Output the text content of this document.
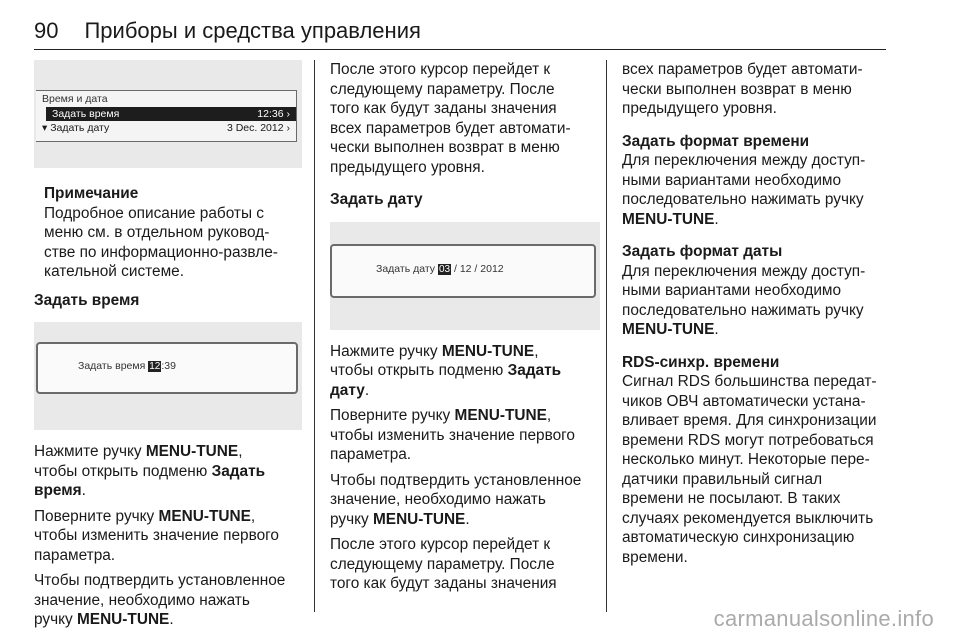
90 Приборы и средства управления
Время и дата
Задать время	12:36 ›
▾ Задать дату	3 Dec. 2012 ›

Примечание

Подробное описание работы с

меню см. в отдельном руковод-

стве по информационно-развле-

кательной системе.

Задать время

Задать время 12:39

Нажмите ручку MENU-TUNE,

чтобы открыть подменю Задать

время.

Поверните ручку MENU-TUNE,

чтобы изменить значение первого

параметра.

Чтобы подтвердить установленное

значение, необходимо нажать

ручку MENU-TUNE.

После этого курсор перейдет к

следующему параметру. После

того как будут заданы значения

всех параметров будет автомати-

чески выполнен возврат в меню

предыдущего уровня.

Задать дату

Задать дату 03 / 12 / 2012

Нажмите ручку MENU-TUNE,

чтобы открыть подменю Задать

дату.

Поверните ручку MENU-TUNE,

чтобы изменить значение первого

параметра.

Чтобы подтвердить установленное

значение, необходимо нажать

ручку MENU-TUNE.

После этого курсор перейдет к

следующему параметру. После

того как будут заданы значения

всех параметров будет автомати-

чески выполнен возврат в меню

предыдущего уровня.

Задать формат времени

Для переключения между доступ-

ными вариантами необходимо

последовательно нажимать ручку

MENU-TUNE.

Задать формат даты

Для переключения между доступ-

ными вариантами необходимо

последовательно нажимать ручку

MENU-TUNE.

RDS-синхр. времени

Сигнал RDS большинства передат-

чиков ОВЧ автоматически устана-

вливает время. Для синхронизации

времени RDS могут потребоваться

несколько минут. Некоторые пере-

датчики правильный сигнал

времени не посылают. В таких

случаях рекомендуется выключить

автоматическую синхронизацию

времени.

carmanualsonline.info
